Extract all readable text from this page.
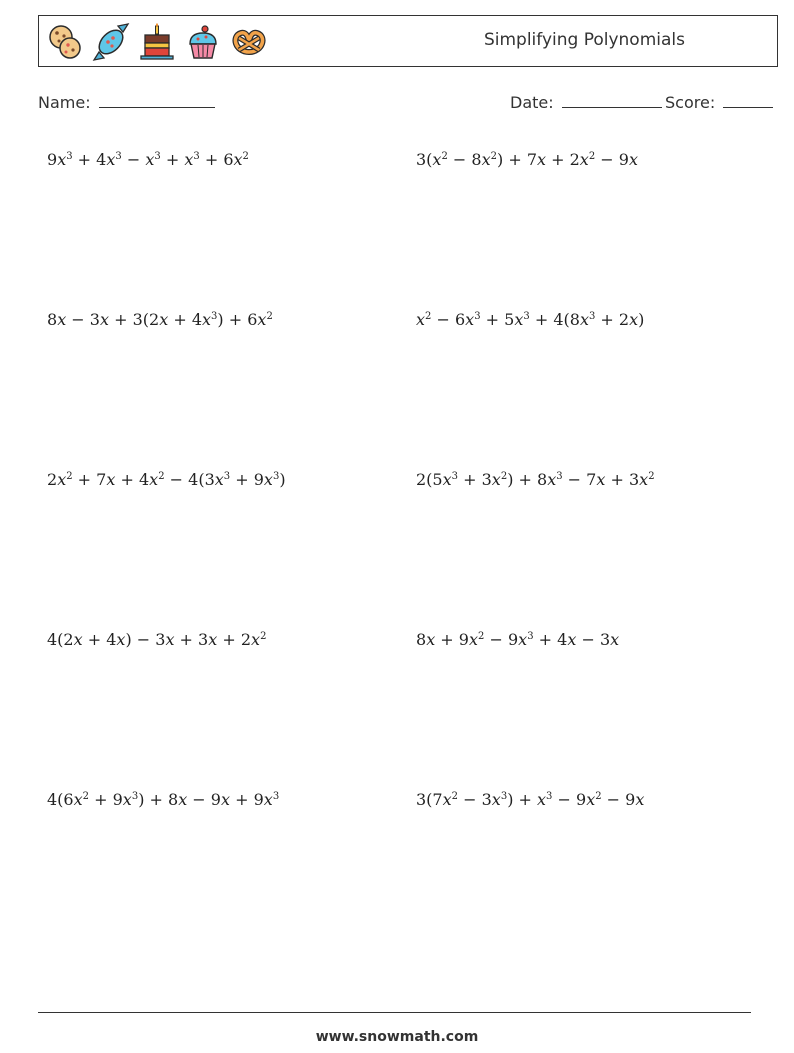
Simplifying Polynomials
Name:	Date:	Score:
$9x^3 + 4x^3 - x^3 + x^3 + 6x^2$	$3(x^2 - 8x^2) + 7x + 2x^2 - 9x$
$8x - 3x + 3(2x + 4x^3) + 6x^2$	$x^2 - 6x^3 + 5x^3 + 4(8x^3 + 2x)$
$2x^2 + 7x + 4x^2 - 4(3x^3 + 9x^3)$	$2(5x^3 + 3x^2) + 8x^3 - 7x + 3x^2$
$4(2x + 4x) - 3x + 3x + 2x^2$	$8x + 9x^2 - 9x^3 + 4x - 3x$
$4(6x^2 + 9x^3) + 8x - 9x + 9x^3$	$3(7x^2 - 3x^3) + x^3 - 9x^2 - 9x$
www.snowmath.com
